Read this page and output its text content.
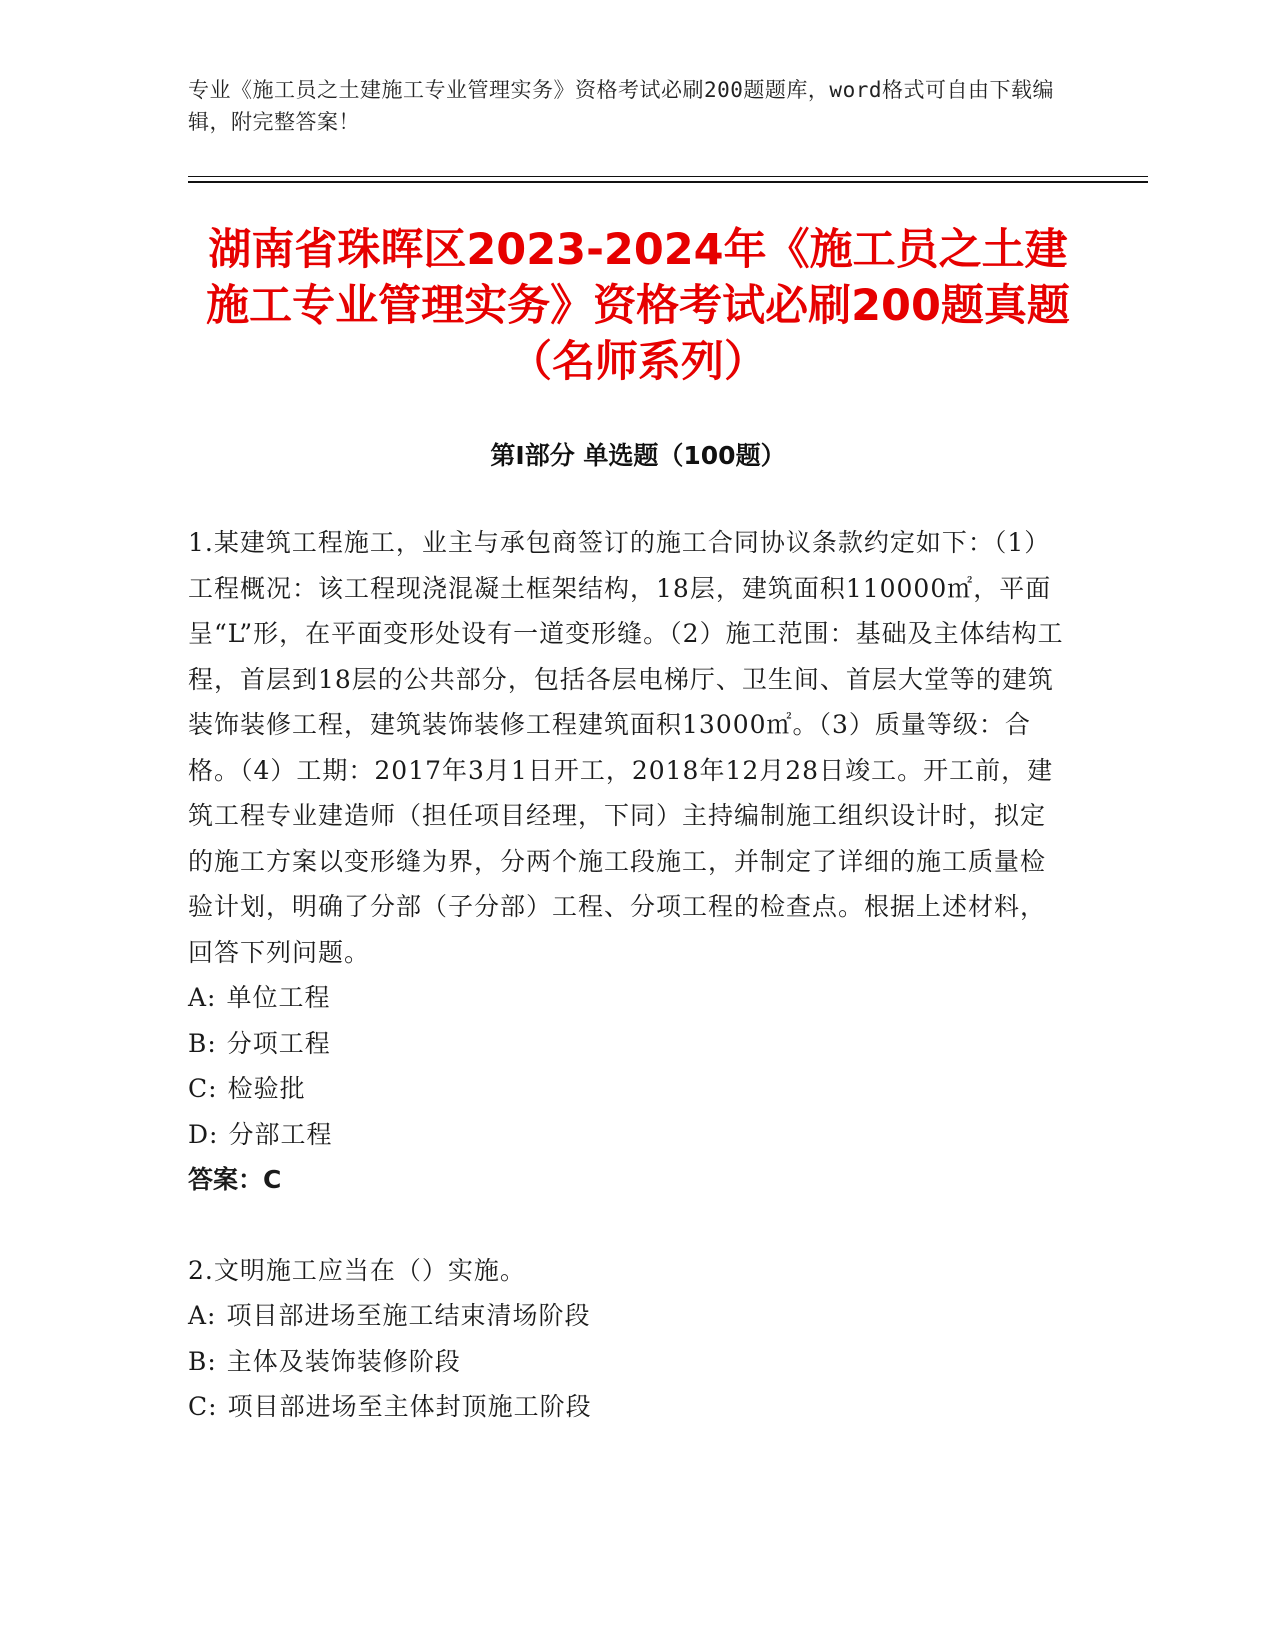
专业《施工员之土建施工专业管理实务》资格考试必刷200题题库，word格式可自由下载编辑，附完整答案！
湖南省珠晖区2023-2024年《施工员之土建施工专业管理实务》资格考试必刷200题真题（名师系列）
第I部分 单选题（100题）

1.某建筑工程施工，业主与承包商签订的施工合同协议条款约定如下：（1）工程概况：该工程现浇混凝土框架结构，18层，建筑面积110000㎡，平面呈“L”形，在平面变形处设有一道变形缝。（2）施工范围：基础及主体结构工程，首层到18层的公共部分，包括各层电梯厅、卫生间、首层大堂等的建筑装饰装修工程，建筑装饰装修工程建筑面积13000㎡。（3）质量等级：合格。（4）工期：2017年3月1日开工，2018年12月28日竣工。开工前，建筑工程专业建造师（担任项目经理，下同）主持编制施工组织设计时，拟定的施工方案以变形缝为界，分两个施工段施工，并制定了详细的施工质量检验计划，明确了分部（子分部）工程、分项工程的检查点。根据上述材料，回答下列问题。

A: 单位工程

B: 分项工程

C: 检验批

D: 分部工程

答案：C

2.文明施工应当在（）实施。

A: 项目部进场至施工结束清场阶段

B: 主体及装饰装修阶段

C: 项目部进场至主体封顶施工阶段
